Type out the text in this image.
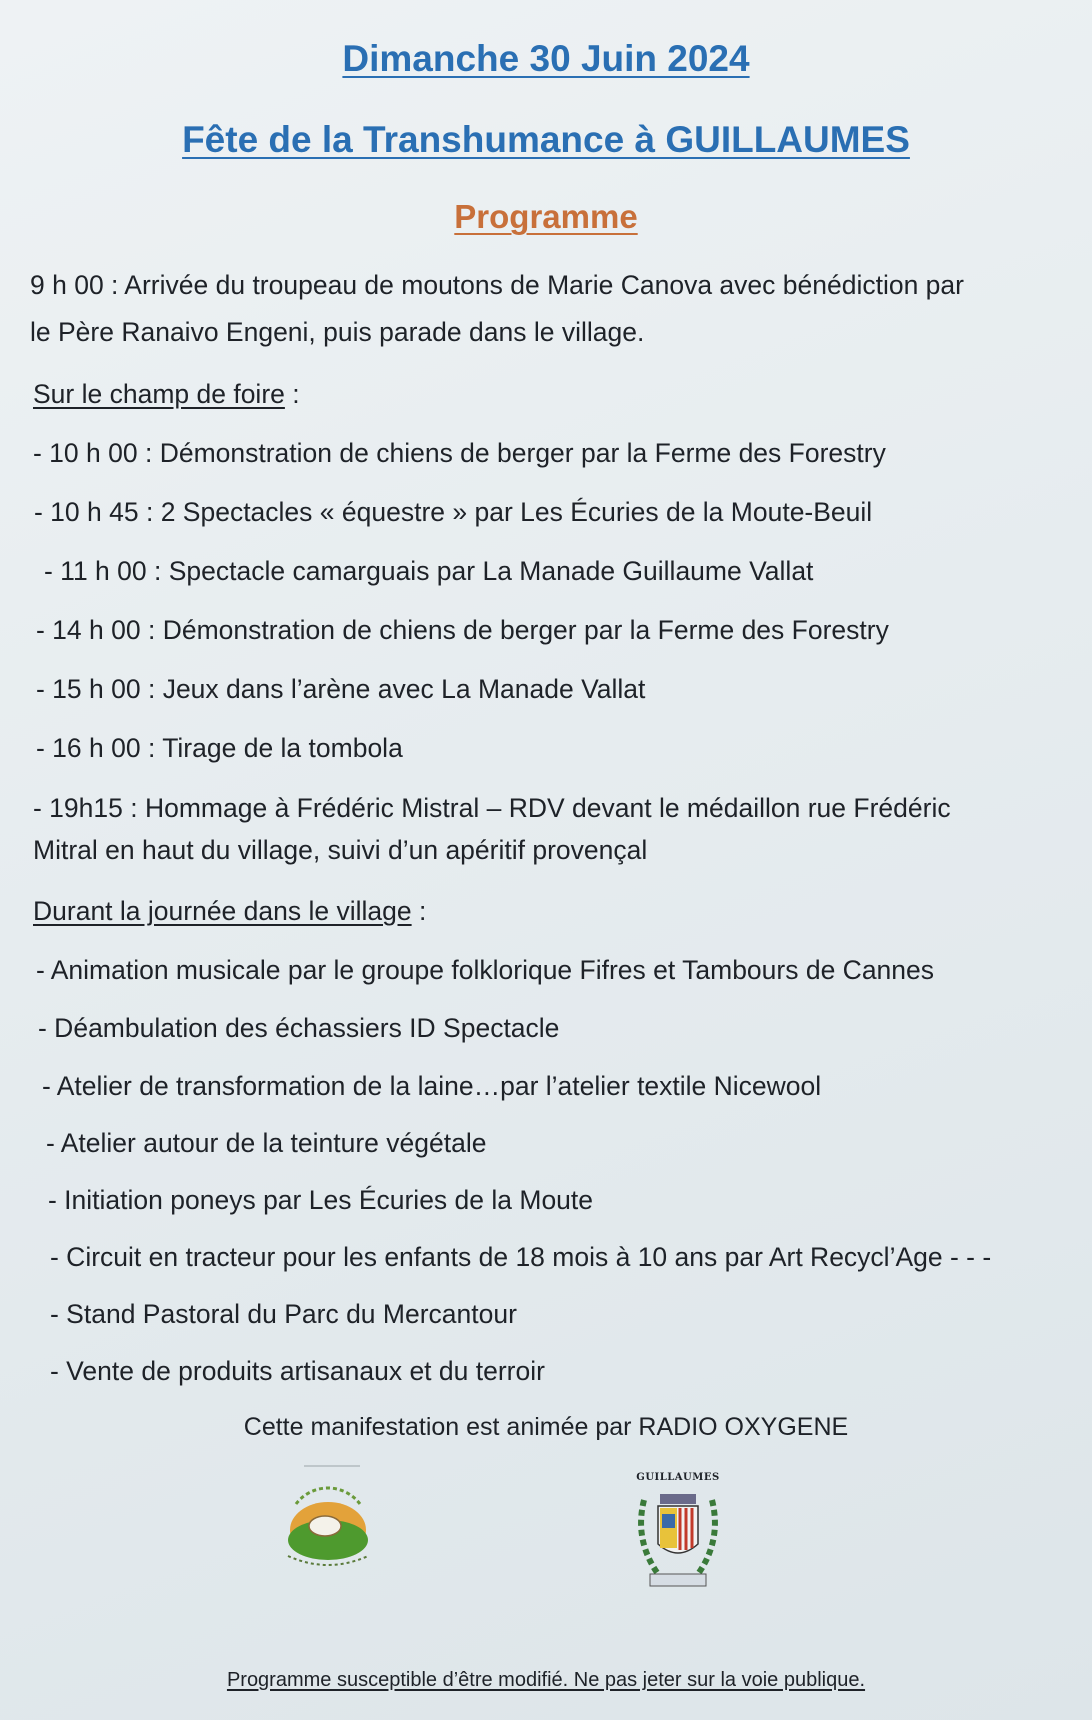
Dimanche 30 Juin 2024
Fête de la Transhumance à GUILLAUMES
Programme
9 h 00 : Arrivée du troupeau de moutons de Marie Canova avec bénédiction par
le Père Ranaivo Engeni, puis parade dans le village.
Sur le champ de foire :
- 10 h 00 : Démonstration de chiens de berger par la Ferme des Forestry
- 10 h 45 : 2 Spectacles « équestre » par Les Écuries de la Moute-Beuil
- 11 h 00 : Spectacle camarguais par La Manade Guillaume Vallat
- 14 h 00 : Démonstration de chiens de berger par la Ferme des Forestry
- 15 h 00 : Jeux dans l’arène avec La Manade Vallat
- 16 h 00 : Tirage de la tombola
- 19h15 : Hommage à Frédéric Mistral – RDV devant le médaillon rue Frédéric
Mitral en haut du village, suivi d’un apéritif provençal
Durant la journée dans le village :
- Animation musicale par le groupe folklorique Fifres et Tambours de Cannes
- Déambulation des échassiers ID Spectacle
- Atelier de transformation de la laine…par l’atelier textile Nicewool
- Atelier autour de la teinture végétale
- Initiation poneys par Les Écuries de la Moute
- Circuit en tracteur pour les enfants de 18 mois à 10 ans par Art Recycl’Age - - -
- Stand Pastoral du Parc du Mercantour
- Vente de produits artisanaux et du terroir
Cette manifestation est animée par RADIO OXYGENE
GUILLAUMES
Programme susceptible d’être modifié. Ne pas jeter sur la voie publique.
